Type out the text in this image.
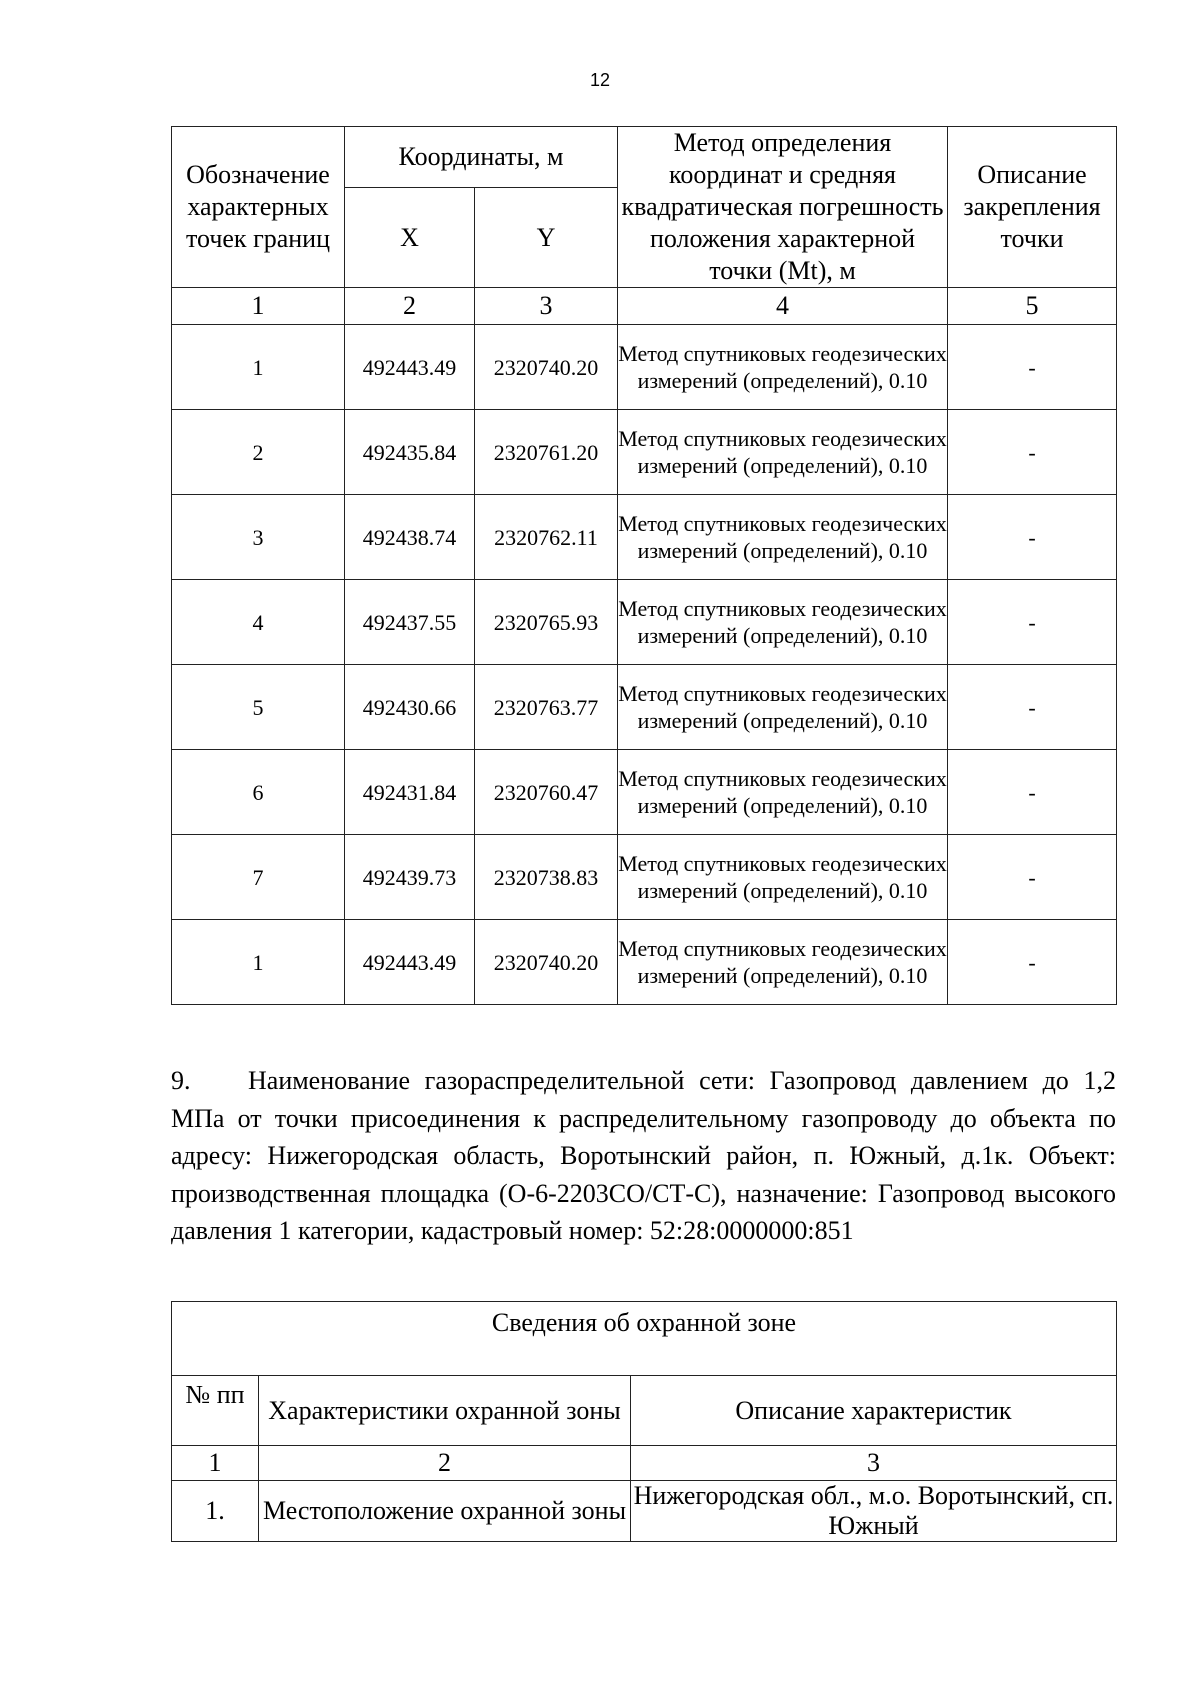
12
Обозначение характерных точек границ	Координаты, м		Метод определения координат и средняя квадратическая погрешность положения характерной точки (Mt), м	Описание закрепления точки
	X	Y		
1	2	3	4	5
1	492443.49	2320740.20	Метод спутниковых геодезических измерений (определений), 0.10	-
2	492435.84	2320761.20	Метод спутниковых геодезических измерений (определений), 0.10	-
3	492438.74	2320762.11	Метод спутниковых геодезических измерений (определений), 0.10	-
4	492437.55	2320765.93	Метод спутниковых геодезических измерений (определений), 0.10	-
5	492430.66	2320763.77	Метод спутниковых геодезических измерений (определений), 0.10	-
6	492431.84	2320760.47	Метод спутниковых геодезических измерений (определений), 0.10	-
7	492439.73	2320738.83	Метод спутниковых геодезических измерений (определений), 0.10	-
1	492443.49	2320740.20	Метод спутниковых геодезических измерений (определений), 0.10	-

9. Наименование газораспределительной сети: Газопровод давлением до 1,2 МПа от точки присоединения к распределительному газопроводу до объекта по адресу: Нижегородская область, Воротынский район, п. Южный, д.1к. Объект: производственная площадка (О-6-2203СО/СТ-С), назначение: Газопровод высокого давления 1 категории, кадастровый номер: 52:28:0000000:851

Сведения об охранной зоне		
№ пп	Характеристики охранной зоны	Описание характеристик
1	2	3
1.	Местоположение охранной зоны	Нижегородская обл., м.о. Воротынский, сп. Южный
